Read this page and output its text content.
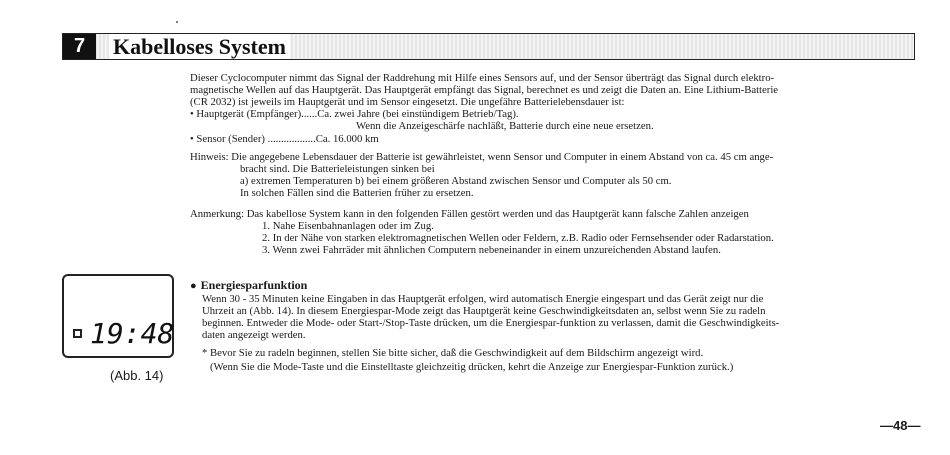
7	Kabelloses System
Dieser Cyclocomputer nimmt das Signal der Raddrehung mit Hilfe eines Sensors auf, und der Sensor überträgt das Signal durch elektro-
magnetische Wellen auf das Hauptgerät. Das Hauptgerät empfängt das Signal, berechnet es und zeigt die Daten an. Eine Lithium-Batterie
(CR 2032) ist jeweils im Hauptgerät und im Sensor eingesetzt. Die ungefähre Batterielebensdauer ist:
• Hauptgerät (Empfänger)......Ca. zwei Jahre (bei einstündigem Betrieb/Tag).
Wenn die Anzeigeschärfe nachläßt, Batterie durch eine neue ersetzen.
• Sensor (Sender) ..................Ca. 16.000 km
Hinweis: Die angegebene Lebensdauer der Batterie ist gewährleistet, wenn Sensor und Computer in einem Abstand von ca. 45 cm ange-
bracht sind. Die Batterieleistungen sinken bei
a) extremen Temperaturen b) bei einem größeren Abstand zwischen Sensor und Computer als 50 cm.
In solchen Fällen sind die Batterien früher zu ersetzen.
Anmerkung: Das kabellose System kann in den folgenden Fällen gestört werden und das Hauptgerät kann falsche Zahlen anzeigen
1. Nahe Eisenbahnanlagen oder im Zug.
2. In der Nähe von starken elektromagnetischen Wellen oder Feldern, z.B. Radio oder Fernsehsender oder Radarstation.
3. Wenn zwei Fahrräder mit ähnlichen Computern nebeneinander in einem unzureichenden Abstand laufen.
● Energiesparfunktion
Wenn 30 - 35 Minuten keine Eingaben in das Hauptgerät erfolgen, wird automatisch Energie eingespart und das Gerät zeigt nur die
Uhrzeit an (Abb. 14). In diesem Energiespar-Mode zeigt das Hauptgerät keine Geschwindigkeitsdaten an, selbst wenn Sie zu radeln
beginnen. Entweder die Mode- oder Start-/Stop-Taste drücken, um die Energiespar-funktion zu verlassen, damit die Geschwindigkeits-
daten angezeigt werden.
* Bevor Sie zu radeln beginnen, stellen Sie bitte sicher, daß die Geschwindigkeit auf dem Bildschirm angezeigt wird.
(Wenn Sie die Mode-Taste und die Einstelltaste gleichzeitig drücken, kehrt die Anzeige zur Energiespar-Funktion zurück.)
19:48
(Abb. 14)
—48—
